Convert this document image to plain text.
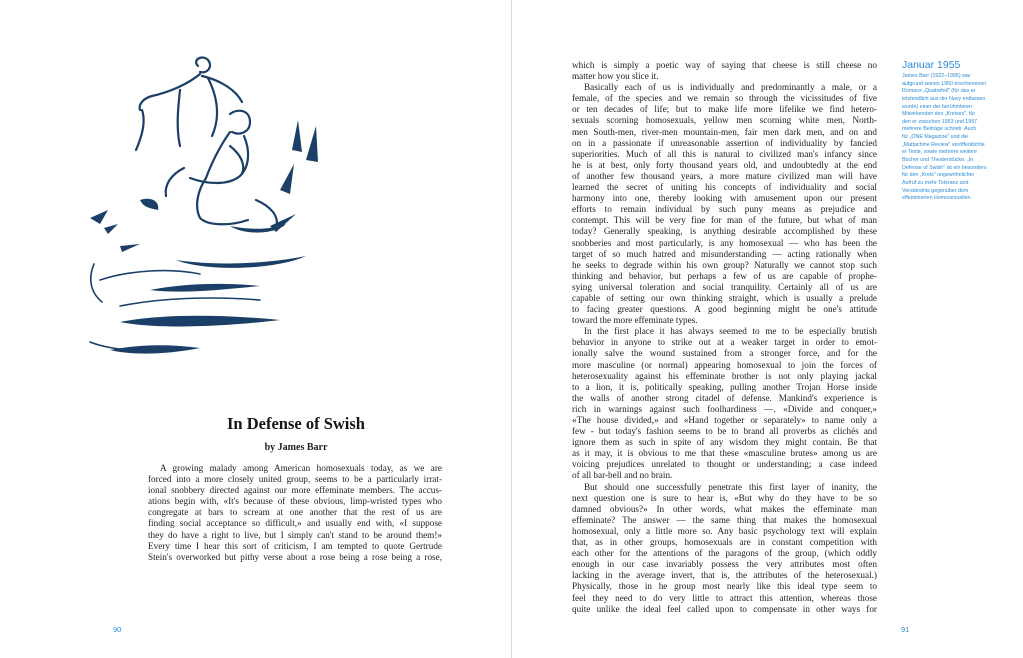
In Defense of Swish
by James Barr
A growing malady among American homosexuals today, as we are
forced into a more closely united group, seems to be a particularly irrat-
ional snobbery directed against our more effeminate members. The accus-
ations begin with, «It's because of these obvious, limp-wristed types who
congregate at bars to scream at one another that the rest of us are
finding social acceptance so difficult,» and usually end with, «I suppose
they do have a right to live, but I simply can't stand to be around them!»
Every time I hear this sort of criticism, I am tempted to quote Gertrude
Stein's overworked but pithy verse about a rose being a rose being a rose,
which is simply a poetic way of saying that cheese is still cheese no
matter how you slice it.
Basically each of us is individually and predominantly a male, or a
female, of the species and we remain so through the vicissitudes of five
or ten decades of life; but to make life more lifelike we find hetero-
sexuals scorning homosexuals, yellow men scorning white men, North-
men South-men, river-men mountain-men, fair men dark men, and on and
on in a passionate if unreasonable assertion of individuality by fancied
superiorities. Much of all this is natural to civilized man's infancy since
he is at best, only forty thousand years old, and undoubtedly at the end
of another few thousand years, a more mature civilized man will have
learned the secret of uniting his concepts of individuality and social
harmony into one, thereby looking with amusement upon our present
efforts to remain individual by such puny means as prejudice and
contempt. This will be very fine for man of the future, but what of man
today? Generally speaking, is anything desirable accomplished by these
snobberies and most particularly, is any homosexual — who has been the
target of so much hatred and misunderstanding — acting rationally when
he seeks to degrade within his own group? Naturally we cannot stop such
thinking and behavior, but perhaps a few of us are capable of prophe-
sying universal toleration and social tranquility. Certainly all of us are
capable of setting our own thinking straight, which is usually a prelude
to facing greater questions. A good beginning might be one's attitude
toward the more effeminate types.
In the first place it has always seemed to me to be especially brutish
behavior in anyone to strike out at a weaker target in order to emot-
ionally salve the wound sustained from a stronger force, and for the
more masculine (or normal) appearing homosexual to join the forces of
heterosexuality against his effeminate brother is not only playing jackal
to a lion, it is, politically speaking, pulling another Trojan Horse inside
the walls of another strong citadel of defense. Mankind's experience is
rich in warnings against such foolhardiness —. «Divide and conquer,»
«The house divided,» and «Hand together or separately» to name only a
few - but today's fashion seems to be to brand all proverbs as clichés and
ignore them as such in spite of any wisdom they might contain. Be that
as it may, it is obvious to me that these «masculine brutes» among us are
voicing prejudices unrelated to thought or understanding; a case indeed
of all bar-bell and no brain.
But should one successfully penetrate this first layer of inanity, the
next question one is sure to hear is, «But why do they have to be so
damned obvious?» In other words, what makes the effeminate man
effeminate? The answer — the same thing that makes the homosexual
homosexual, only a little more so. Any basic psychology text will explain
that, as in other groups, homosexuals are in constant competition with
each other for the attentions of the paragons of the group, (which oddly
enough in our case invariably possess the very attributes most often
lacking in the average invert, that is, the attributes of the heterosexual.)
Physically, those in he group most nearly like this ideal type seem to
feel they need to do very little to attract this attention, whereas those
quite unlike the ideal feel called upon to compensate in other ways for
Januar 1955
James Barr (1922–1995) war
aufgrund seines 1950 erschienenen
Romans „Quatrefoil" (für das er
letztendlich aus der Navy entlassen
wurde) einer der berühmteren
Mitwirkenden des „Kreises", für
den er zwischen 1953 und 1957
mehrere Beiträge schrieb. Auch
für „ONE Magazine" und die
„Mattachine Review" veröffentlichte
er Texte, sowie mehrere weitere
Bücher und Theaterstücke. „In
Defense of Swish" ist ein besonders
für den „Kreis" ungewöhnlicher
Aufruf zu mehr Toleranz und
Verständnis gegenüber dem
effeminierten Homosexuellen.
90	91
